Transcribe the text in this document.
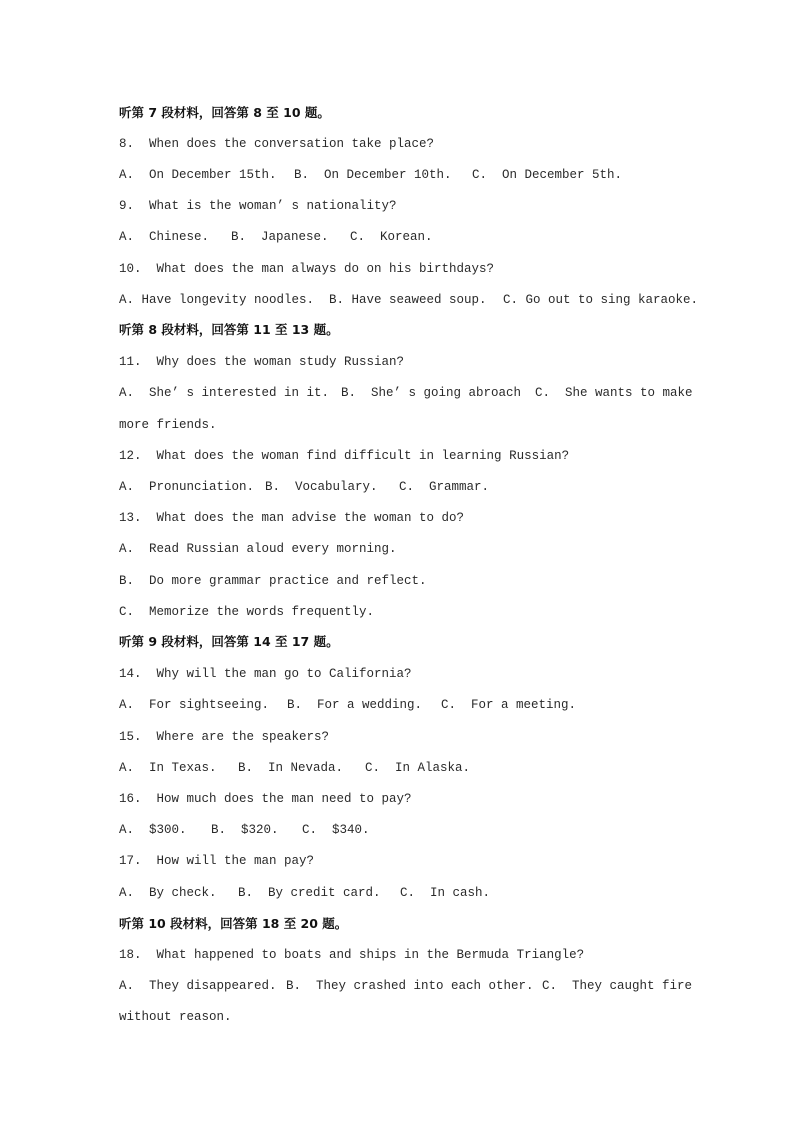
听第 7 段材料，回答第 8 至 10 题。
8.  When does the conversation take place?

A.  On December 15th.

B.  On December 10th.

C.  On December 5th.

9.  What is the woman’ s nationality?

A.  Chinese.

B.  Japanese.

C.  Korean.

10.  What does the man always do on his birthdays?

A. Have longevity noodles.

B. Have seaweed soup.

C. Go out to sing karaoke.

听第 8 段材料，回答第 11 至 13 题。
11.  Why does the woman study Russian?

A.  She’ s interested in it.

B.  She’ s going abroach

C.  She wants to make

more friends.
12.  What does the woman find difficult in learning Russian?

A.  Pronunciation.

B.  Vocabulary.

C.  Grammar.

13.  What does the man advise the woman to do?
A.  Read Russian aloud every morning.
B.  Do more grammar practice and reflect.
C.  Memorize the words frequently.
听第 9 段材料，回答第 14 至 17 题。
14.  Why will the man go to California?

A.  For sightseeing.

B.  For a wedding.

C.  For a meeting.

15.  Where are the speakers?

A.  In Texas.

B.  In Nevada.

C.  In Alaska.

16.  How much does the man need to pay?

A.  $300.

B.  $320.

C.  $340.

17.  How will the man pay?

A.  By check.

B.  By credit card.

C.  In cash.

听第 10 段材料，回答第 18 至 20 题。
18.  What happened to boats and ships in the Bermuda Triangle?

A.  They disappeared.

B.  They crashed into each other.

C.  They caught fire

without reason.
